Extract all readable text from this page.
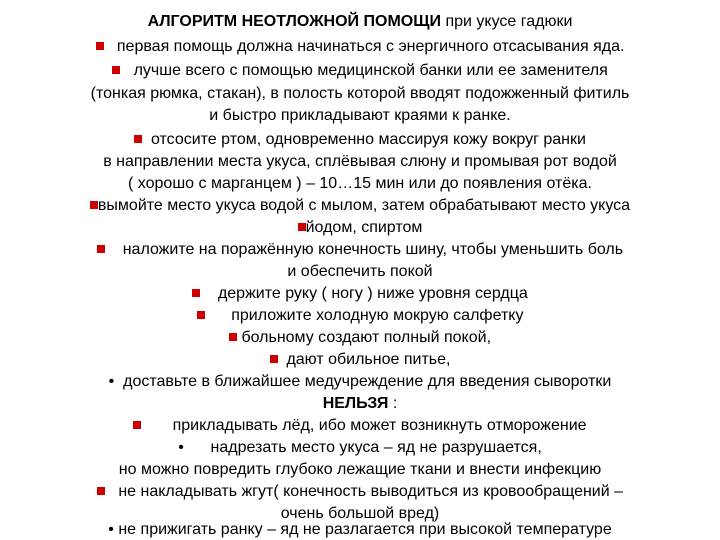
АЛГОРИТМ НЕОТЛОЖНОЙ ПОМОЩИ при укусе гадюки
первая помощь должна начинаться с энергичного отсасывания яда.
лучше всего с помощью медицинской банки или ее заменителя
(тонкая рюмка, стакан), в полость которой вводят подожженный фитиль
и быстро прикладывают краями к ранке.
отсосите ртом, одновременно массируя кожу вокруг ранки
в направлении места укуса, сплёвывая слюну и промывая рот водой
( хорошо с марганцем ) – 10…15 мин или до появления отёка.
вымойте место укуса водой с мылом, затем обрабатывают место укуса
йодом, спиртом
наложите на поражённую конечность шину, чтобы уменьшить боль
и обеспечить покой
держите руку ( ногу ) ниже уровня сердца
приложите холодную мокрую салфетку
больному создают полный покой,
дают обильное питье,
• доставьте в ближайшее медучреждение для введения сыворотки
НЕЛЬЗЯ :
прикладывать лёд, ибо может возникнуть отморожение
• надрезать место укуса – яд не разрушается,
но можно повредить глубоко лежащие ткани и внести инфекцию
не накладывать жгут( конечность выводиться из кровообращений –
очень большой вред)
• не прижигать ранку – яд не разлагается при высокой температуре
